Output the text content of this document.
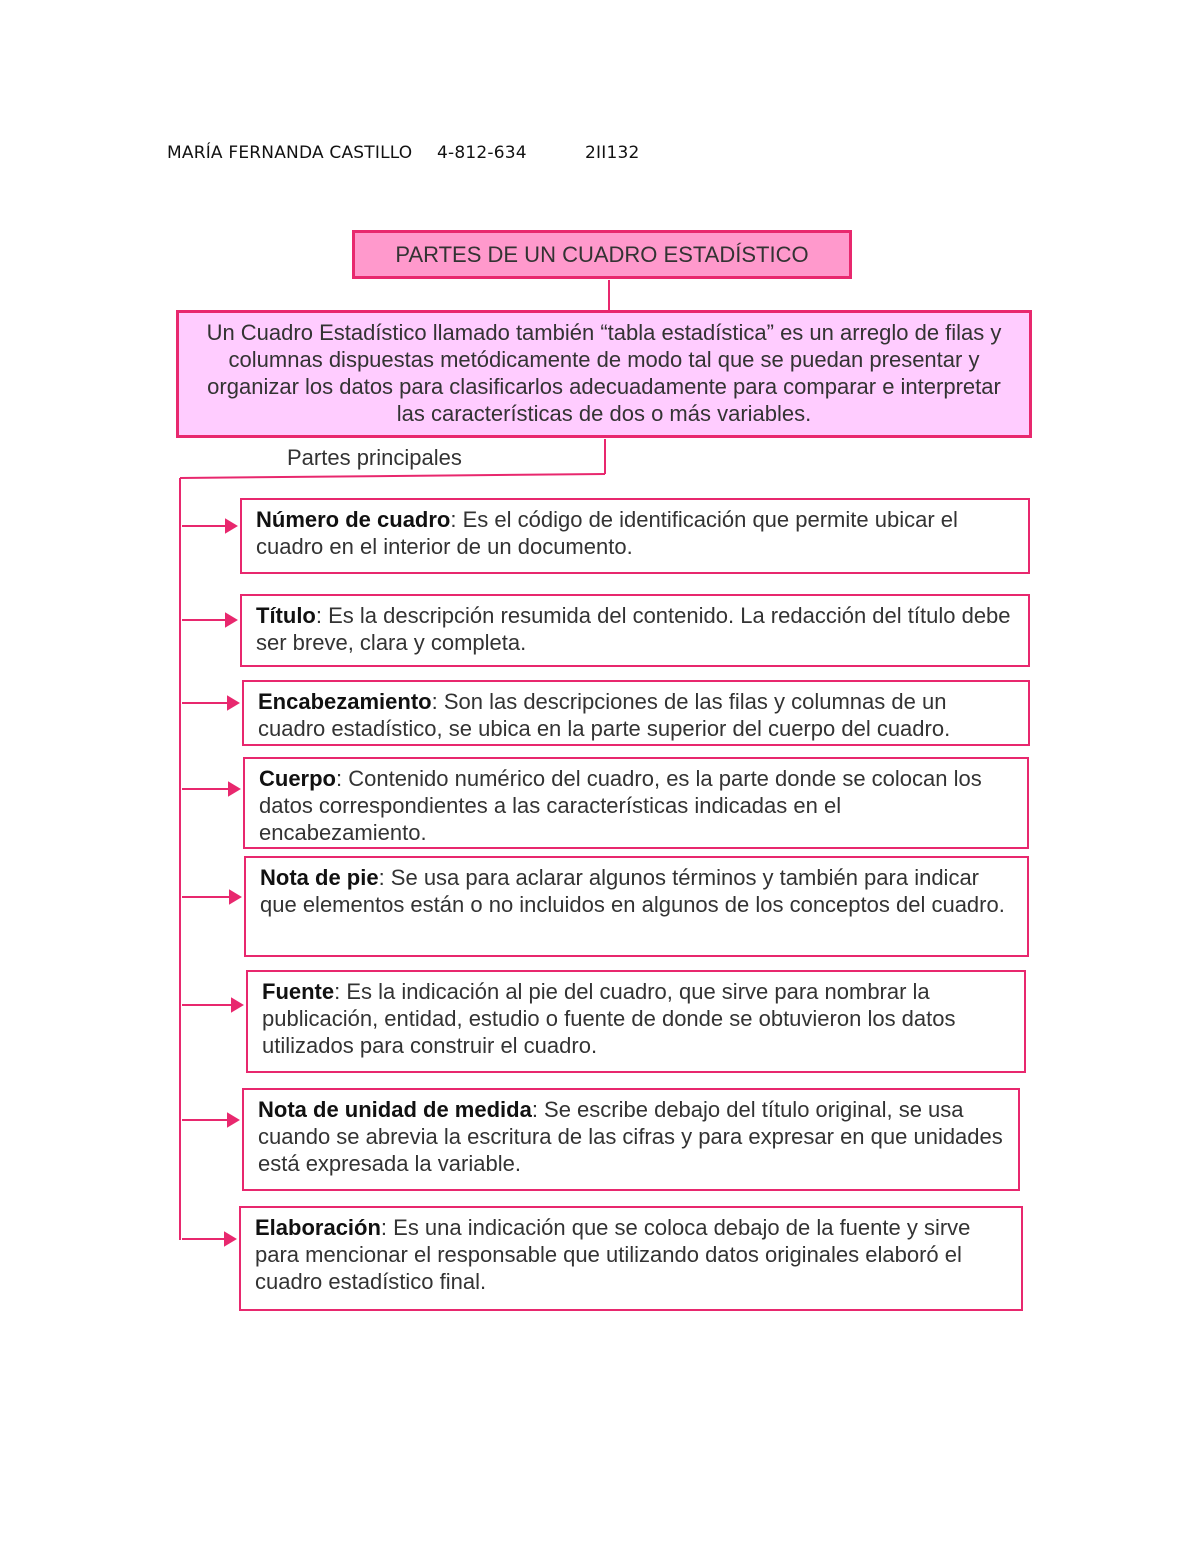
MARÍA FERNANDA CASTILLO 4-812-634	2II132
PARTES DE UN CUADRO ESTADÍSTICO
Un Cuadro Estadístico llamado también “tabla estadística” es un arreglo de filas y columnas dispuestas metódicamente de modo tal que se puedan presentar y organizar los datos para clasificarlos adecuadamente para comparar e interpretar las características de dos o más variables.
Partes principales
Número de cuadro: Es el código de identificación que permite ubicar el cuadro en el interior de un documento.
Título: Es la descripción resumida del contenido. La redacción del título debe ser breve, clara y completa.
Encabezamiento: Son las descripciones de las filas y columnas de un cuadro estadístico, se ubica en la parte superior del cuerpo del cuadro.
Cuerpo: Contenido numérico del cuadro, es la parte donde se colocan los datos correspondientes a las características indicadas en el encabezamiento.
Nota de pie: Se usa para aclarar algunos términos y también para indicar que elementos están o no incluidos en algunos de los conceptos del cuadro.
Fuente: Es la indicación al pie del cuadro, que sirve para nombrar la publicación, entidad, estudio o fuente de donde se obtuvieron los datos utilizados para construir el cuadro.
Nota de unidad de medida: Se escribe debajo del título original, se usa cuando se abrevia la escritura de las cifras y para expresar en que unidades está expresada la variable.
Elaboración: Es una indicación que se coloca debajo de la fuente y sirve para mencionar el responsable que utilizando datos originales elaboró el cuadro estadístico final.
